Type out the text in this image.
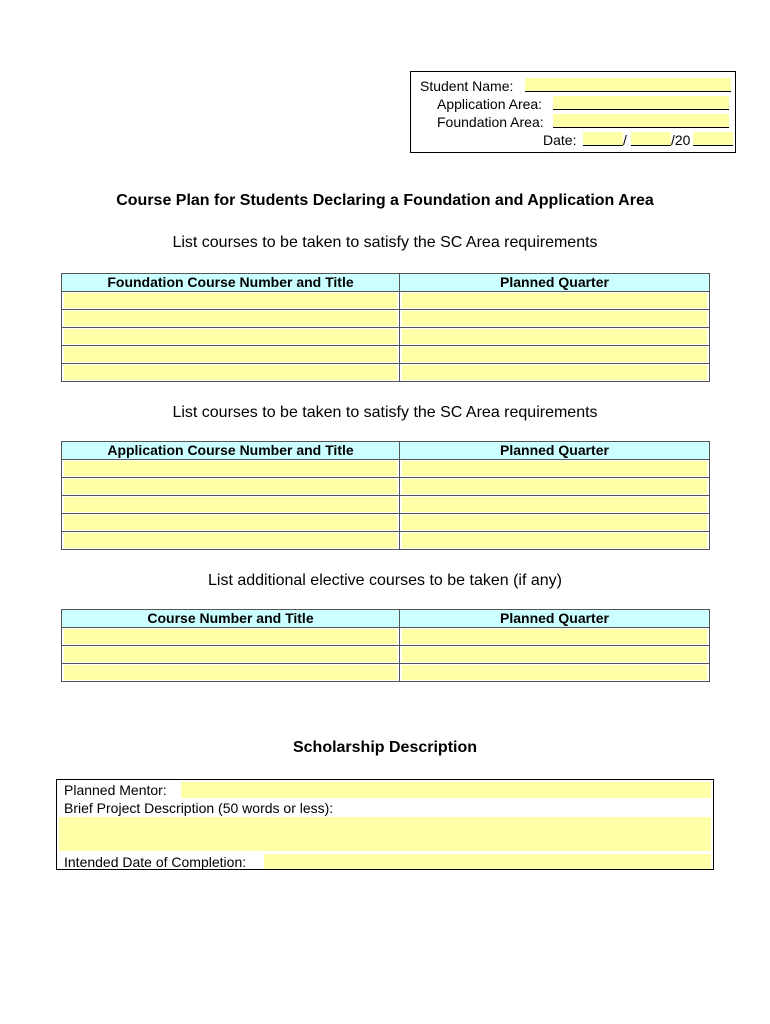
Student Name:
Application Area:
Foundation Area:
Date:	/	/20
Course Plan for Students Declaring a Foundation and Application Area
List courses to be taken to satisfy the SC Area requirements
Foundation Course Number and Title	Planned Quarter

List courses to be taken to satisfy the SC Area requirements
Application Course Number and Title	Planned Quarter

List additional elective courses to be taken (if any)
Course Number and Title	Planned Quarter

Scholarship Description
Planned Mentor:
Brief Project Description (50 words or less):
Intended Date of Completion:
